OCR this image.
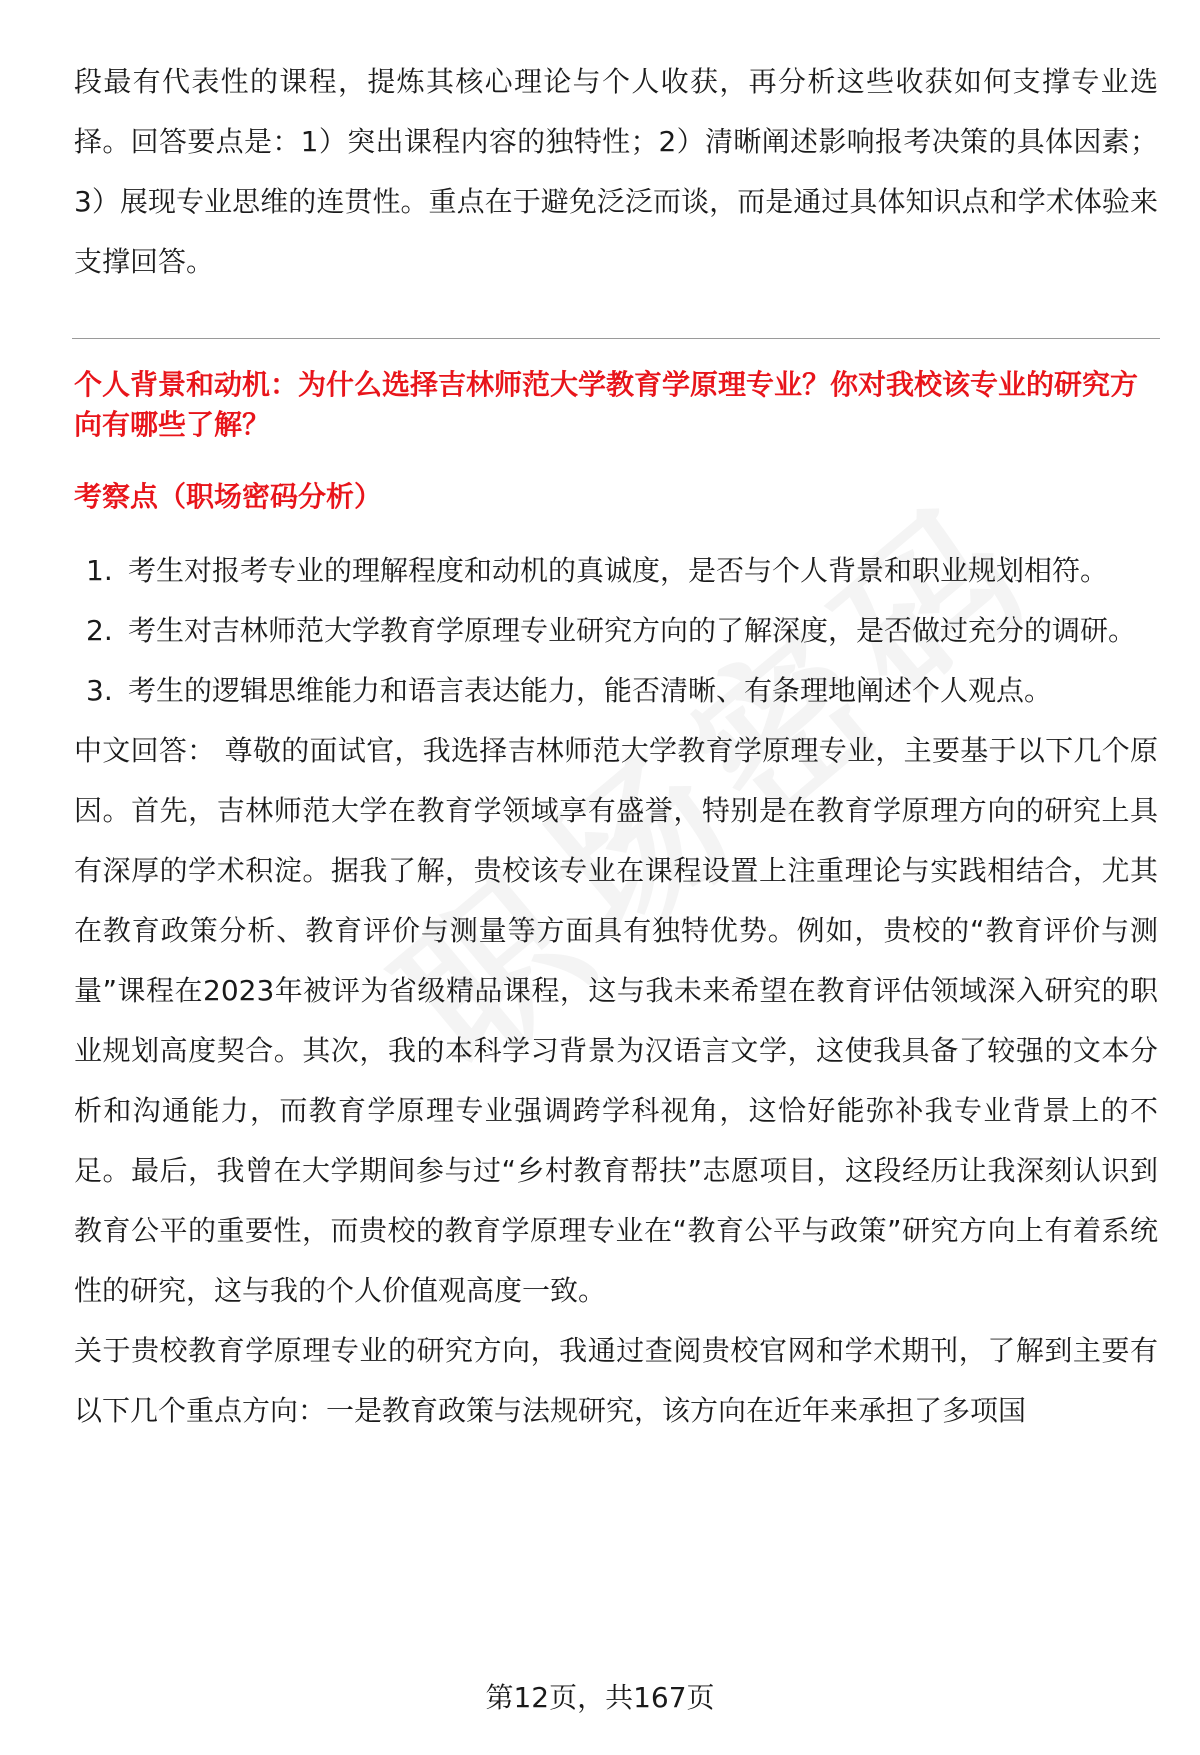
段最有代表性的课程，提炼其核心理论与个人收获，再分析这些收获如何支撑专业选择。回答要点是：1）突出课程内容的独特性；2）清晰阐述影响报考决策的具体因素；3）展现专业思维的连贯性。重点在于避免泛泛而谈，而是通过具体知识点和学术体验来支撑回答。

个人背景和动机：为什么选择吉林师范大学教育学原理专业？你对我校该专业的研究方向有哪些了解？
考察点（职场密码分析）
1. 考生对报考专业的理解程度和动机的真诚度，是否与个人背景和职业规划相符。
2. 考生对吉林师范大学教育学原理专业研究方向的了解深度，是否做过充分的调研。
3. 考生的逻辑思维能力和语言表达能力，能否清晰、有条理地阐述个人观点。

中文回答： 尊敬的面试官，我选择吉林师范大学教育学原理专业，主要基于以下几个原因。首先，吉林师范大学在教育学领域享有盛誉，特别是在教育学原理方向的研究上具有深厚的学术积淀。据我了解，贵校该专业在课程设置上注重理论与实践相结合，尤其在教育政策分析、教育评价与测量等方面具有独特优势。例如，贵校的“教育评价与测量”课程在2023年被评为省级精品课程，这与我未来希望在教育评估领域深入研究的职业规划高度契合。其次，我的本科学习背景为汉语言文学，这使我具备了较强的文本分析和沟通能力，而教育学原理专业强调跨学科视角，这恰好能弥补我专业背景上的不足。最后，我曾在大学期间参与过“乡村教育帮扶”志愿项目，这段经历让我深刻认识到教育公平的重要性，而贵校的教育学原理专业在“教育公平与政策”研究方向上有着系统性的研究，这与我的个人价值观高度一致。

关于贵校教育学原理专业的研究方向，我通过查阅贵校官网和学术期刊，了解到主要有以下几个重点方向：一是教育政策与法规研究，该方向在近年来承担了多项国

第12页，共167页
